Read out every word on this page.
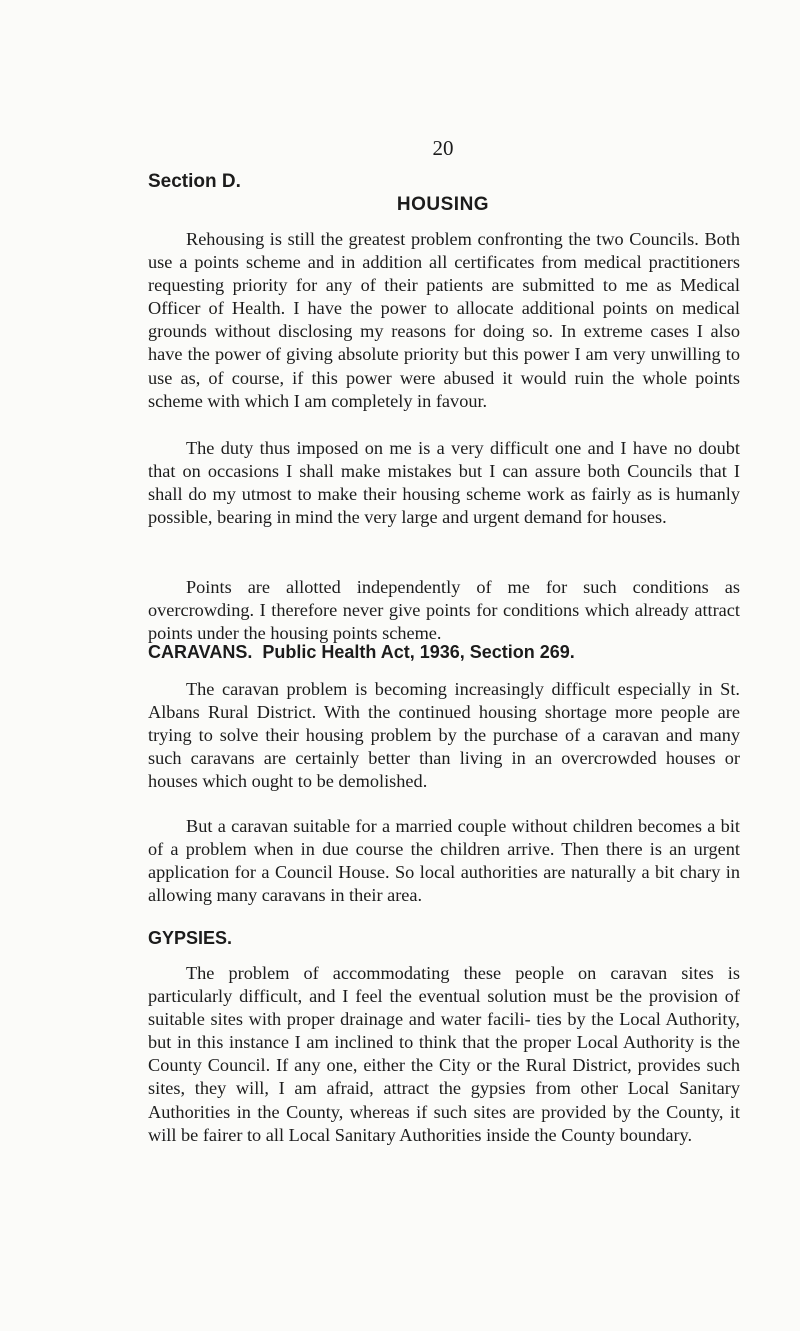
20
Section D.
HOUSING

Rehousing is still the greatest problem confronting the two Councils. Both use a points scheme and in addition all certificates from medical practitioners requesting priority for any of their patients are submitted to me as Medical Officer of Health. I have the power to allocate additional points on medical grounds without disclosing my reasons for doing so. In extreme cases I also have the power of giving absolute priority but this power I am very unwilling to use as, of course, if this power were abused it would ruin the whole points scheme with which I am completely in favour.

The duty thus imposed on me is a very difficult one and I have no doubt that on occasions I shall make mistakes but I can assure both Councils that I shall do my utmost to make their housing scheme work as fairly as is humanly possible, bearing in mind the very large and urgent demand for houses.

Points are allotted independently of me for such conditions as overcrowding. I therefore never give points for conditions which already attract points under the housing points scheme.

CARAVANS. Public Health Act, 1936, Section 269.

The caravan problem is becoming increasingly difficult especially in St. Albans Rural District. With the continued housing shortage more people are trying to solve their housing problem by the purchase of a caravan and many such caravans are certainly better than living in an overcrowded houses or houses which ought to be demolished.

But a caravan suitable for a married couple without children becomes a bit of a problem when in due course the children arrive. Then there is an urgent application for a Council House. So local authorities are naturally a bit chary in allowing many caravans in their area.

GYPSIES.

The problem of accommodating these people on caravan sites is particularly difficult, and I feel the eventual solution must be the provision of suitable sites with proper drainage and water facili- ties by the Local Authority, but in this instance I am inclined to think that the proper Local Authority is the County Council. If any one, either the City or the Rural District, provides such sites, they will, I am afraid, attract the gypsies from other Local Sanitary Authorities in the County, whereas if such sites are provided by the County, it will be fairer to all Local Sanitary Authorities inside the County boundary.
